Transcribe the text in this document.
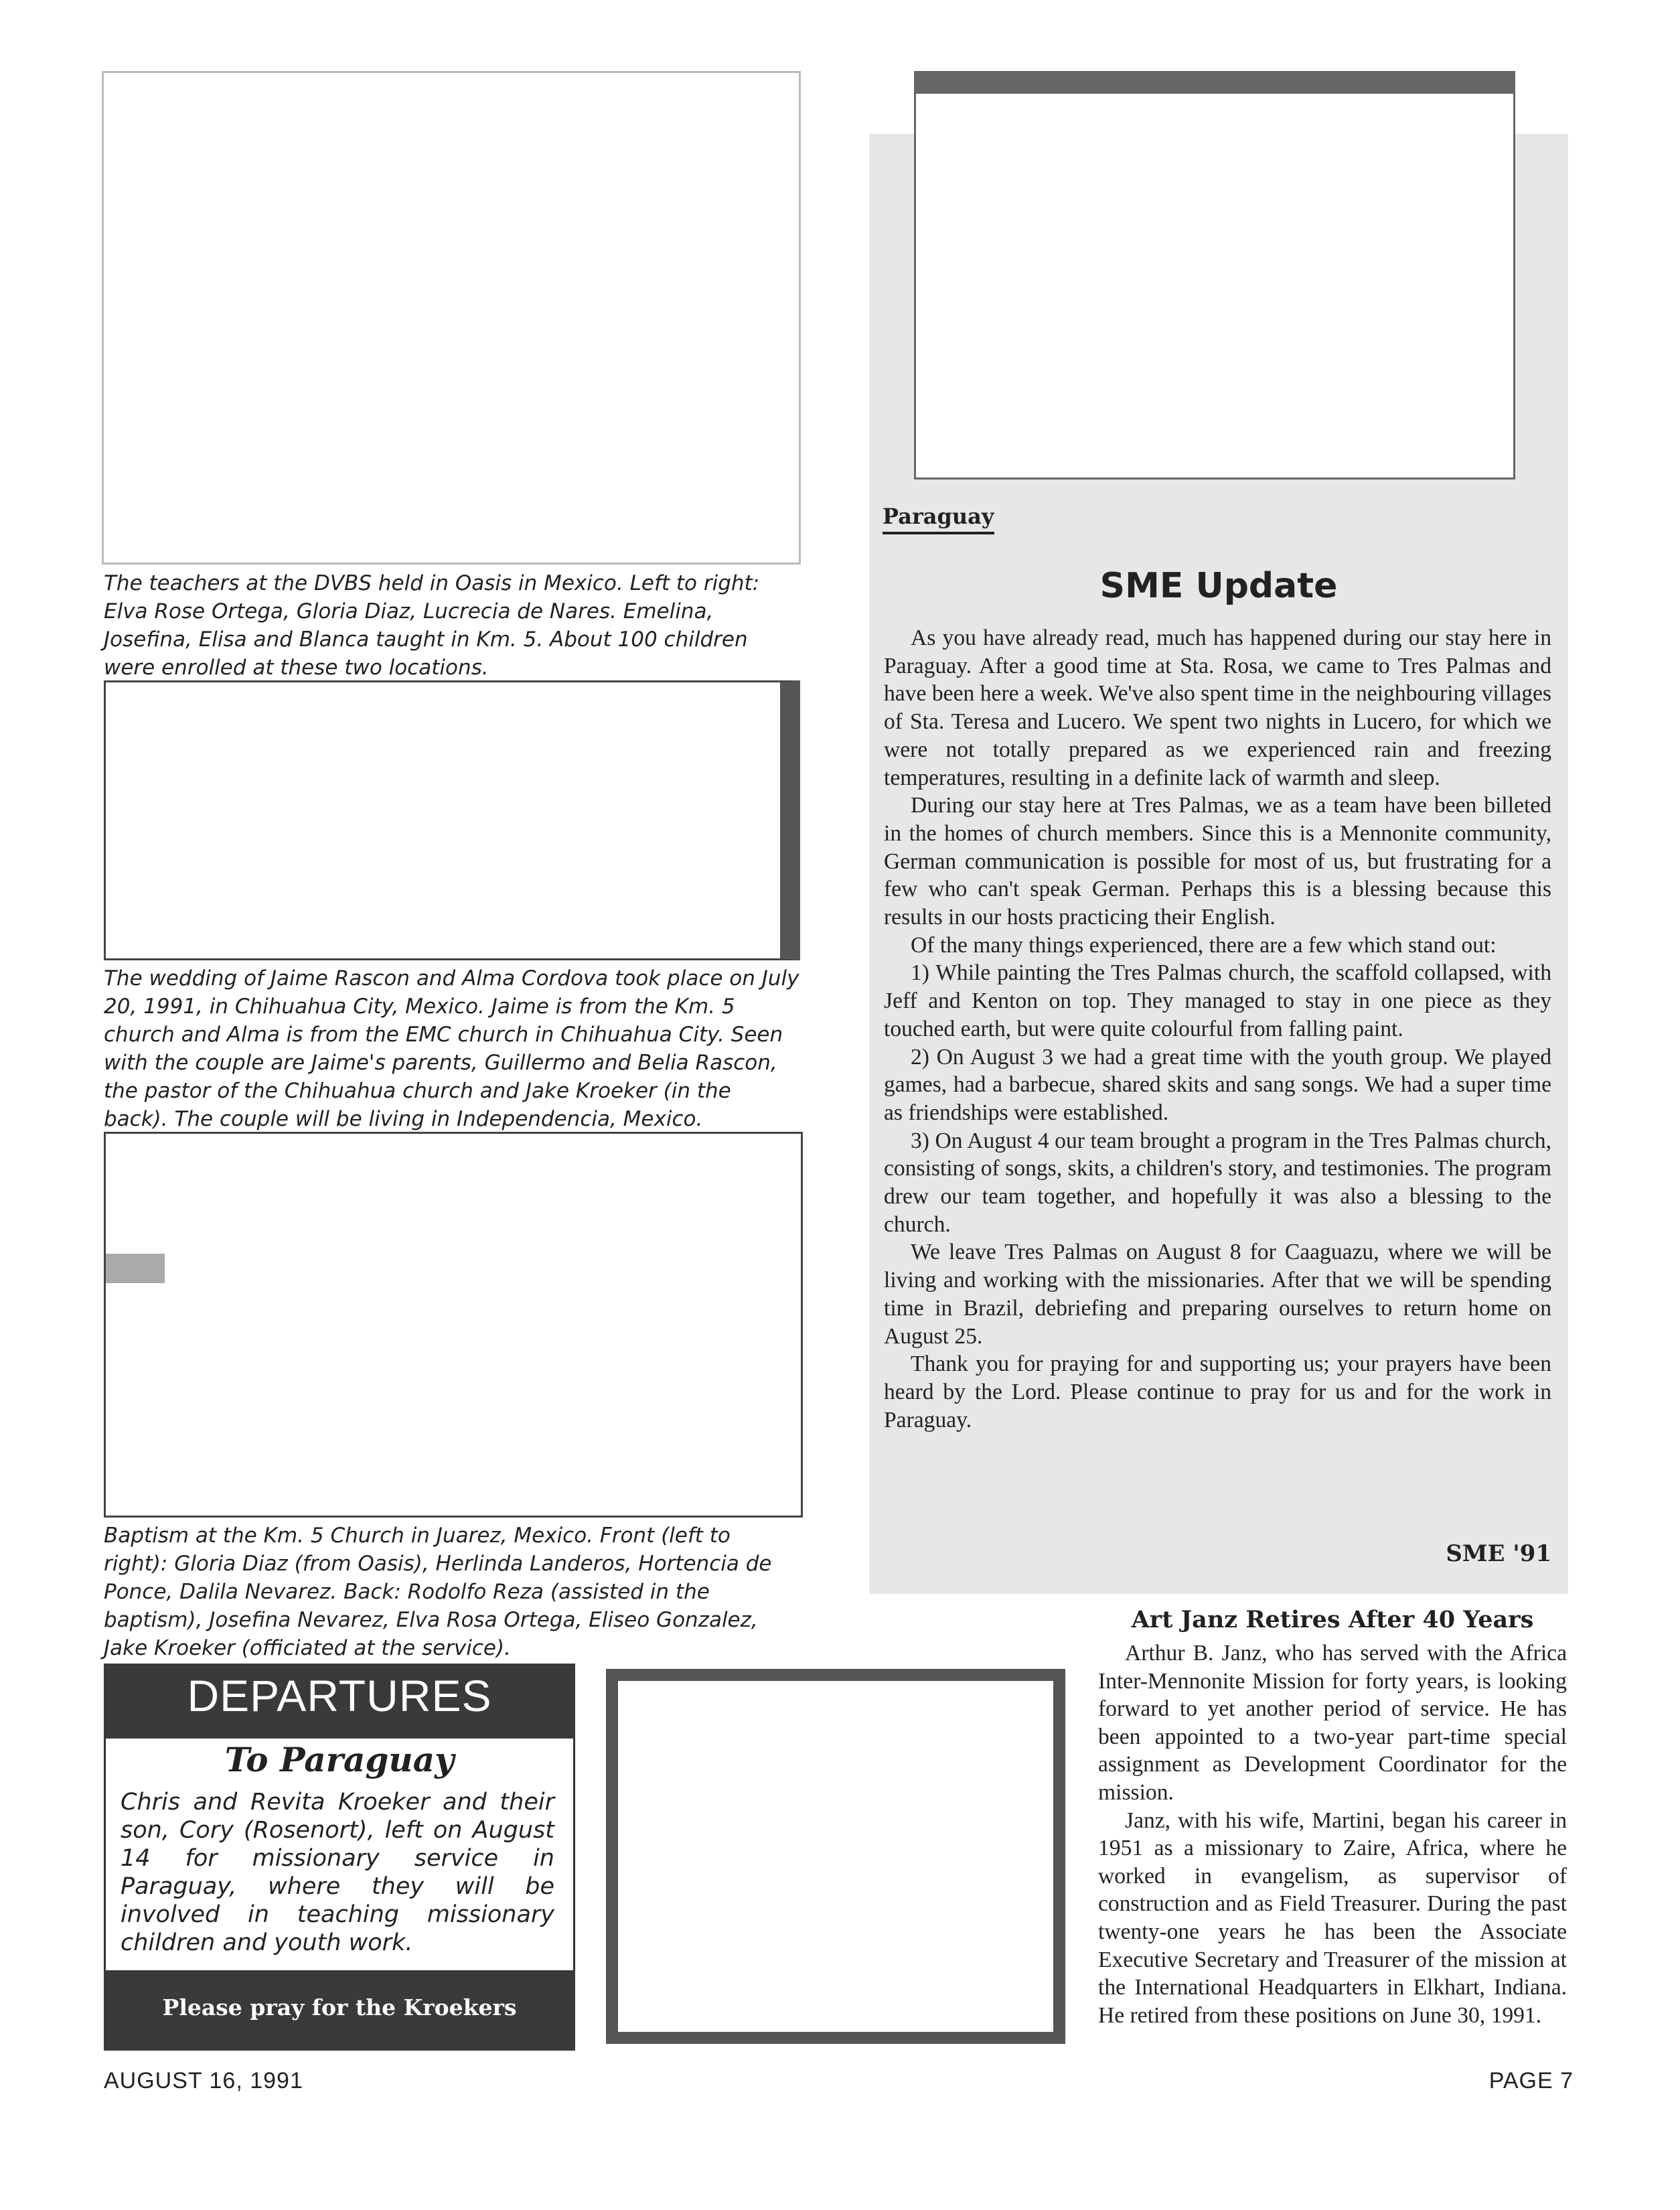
The teachers at the DVBS held in Oasis in Mexico. Left to right: Elva Rose Ortega, Gloria Diaz, Lucrecia de Nares. Emelina, Josefina, Elisa and Blanca taught in Km. 5. About 100 children were enrolled at these two locations.

The wedding of Jaime Rascon and Alma Cordova took place on July 20, 1991, in Chihuahua City, Mexico. Jaime is from the Km. 5 church and Alma is from the EMC church in Chihuahua City. Seen with the couple are Jaime's parents, Guillermo and Belia Rascon, the pastor of the Chihuahua church and Jake Kroeker (in the back). The couple will be living in Independencia, Mexico.

Baptism at the Km. 5 Church in Juarez, Mexico. Front (left to right): Gloria Diaz (from Oasis), Herlinda Landeros, Hortencia de Ponce, Dalila Nevarez. Back: Rodolfo Reza (assisted in the baptism), Josefina Nevarez, Elva Rosa Ortega, Eliseo Gonzalez, Jake Kroeker (officiated at the service).

Paraguay
SME Update

As you have already read, much has happened during our stay here in Paraguay. After a good time at Sta. Rosa, we came to Tres Palmas and have been here a week. We've also spent time in the neighbouring villages of Sta. Teresa and Lucero. We spent two nights in Lucero, for which we were not totally prepared as we experienced rain and freezing temperatures, resulting in a definite lack of warmth and sleep.

During our stay here at Tres Palmas, we as a team have been billeted in the homes of church members. Since this is a Mennonite community, German communication is possible for most of us, but frustrating for a few who can't speak German. Perhaps this is a blessing because this results in our hosts practicing their English.

Of the many things experienced, there are a few which stand out:

1) While painting the Tres Palmas church, the scaffold collapsed, with Jeff and Kenton on top. They managed to stay in one piece as they touched earth, but were quite colourful from falling paint.

2) On August 3 we had a great time with the youth group. We played games, had a barbecue, shared skits and sang songs. We had a super time as friendships were established.

3) On August 4 our team brought a program in the Tres Palmas church, consisting of songs, skits, a children's story, and testimonies. The program drew our team together, and hopefully it was also a blessing to the church.

We leave Tres Palmas on August 8 for Caaguazu, where we will be living and working with the missionaries. After that we will be spending time in Brazil, debriefing and preparing ourselves to return home on August 25.

Thank you for praying for and supporting us; your prayers have been heard by the Lord. Please continue to pray for us and for the work in Paraguay.

SME '91
DEPARTURES
To Paraguay

Chris and Revita Kroeker and their son, Cory (Rosenort), left on August 14 for missionary service in Paraguay, where they will be involved in teaching missionary children and youth work.

Please pray for the Kroekers
Art Janz Retires After 40 Years

Arthur B. Janz, who has served with the Africa Inter-Mennonite Mission for forty years, is looking forward to yet another period of service. He has been appointed to a two-year part-time special assignment as Development Coordinator for the mission.

Janz, with his wife, Martini, began his career in 1951 as a missionary to Zaire, Africa, where he worked in evangelism, as supervisor of construction and as Field Treasurer. During the past twenty-one years he has been the Associate Executive Secretary and Treasurer of the mission at the International Headquarters in Elkhart, Indiana. He retired from these positions on June 30, 1991.

AUGUST 16, 1991	PAGE 7
